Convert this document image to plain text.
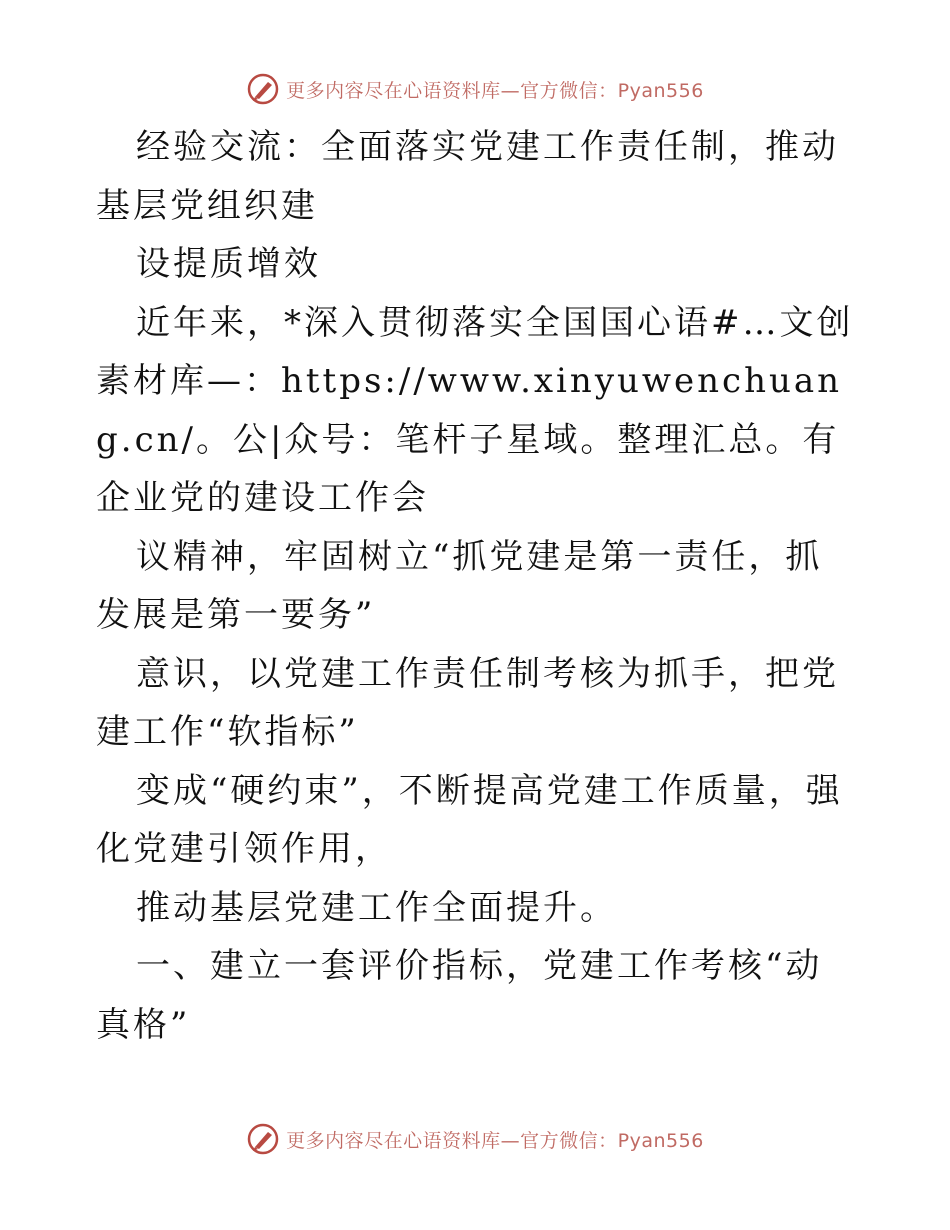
更多内容尽在心语资料库—官方微信：Pyan556

经验交流：全面落实党建工作责任制，推动基层党组织建

设提质增效

近年来，*深入贯彻落实全国国心语#…文创素材库—：https://www.xinyuwenchuang.cn/。公|众号：笔杆子星域。整理汇总。有企业党的建设工作会

议精神，牢固树立“抓党建是第一责任，抓发展是第一要务”

意识，以党建工作责任制考核为抓手，把党建工作“软指标”

变成“硬约束”，不断提高党建工作质量，强化党建引领作用，

推动基层党建工作全面提升。

一、建立一套评价指标，党建工作考核“动真格”

更多内容尽在心语资料库—官方微信：Pyan556
